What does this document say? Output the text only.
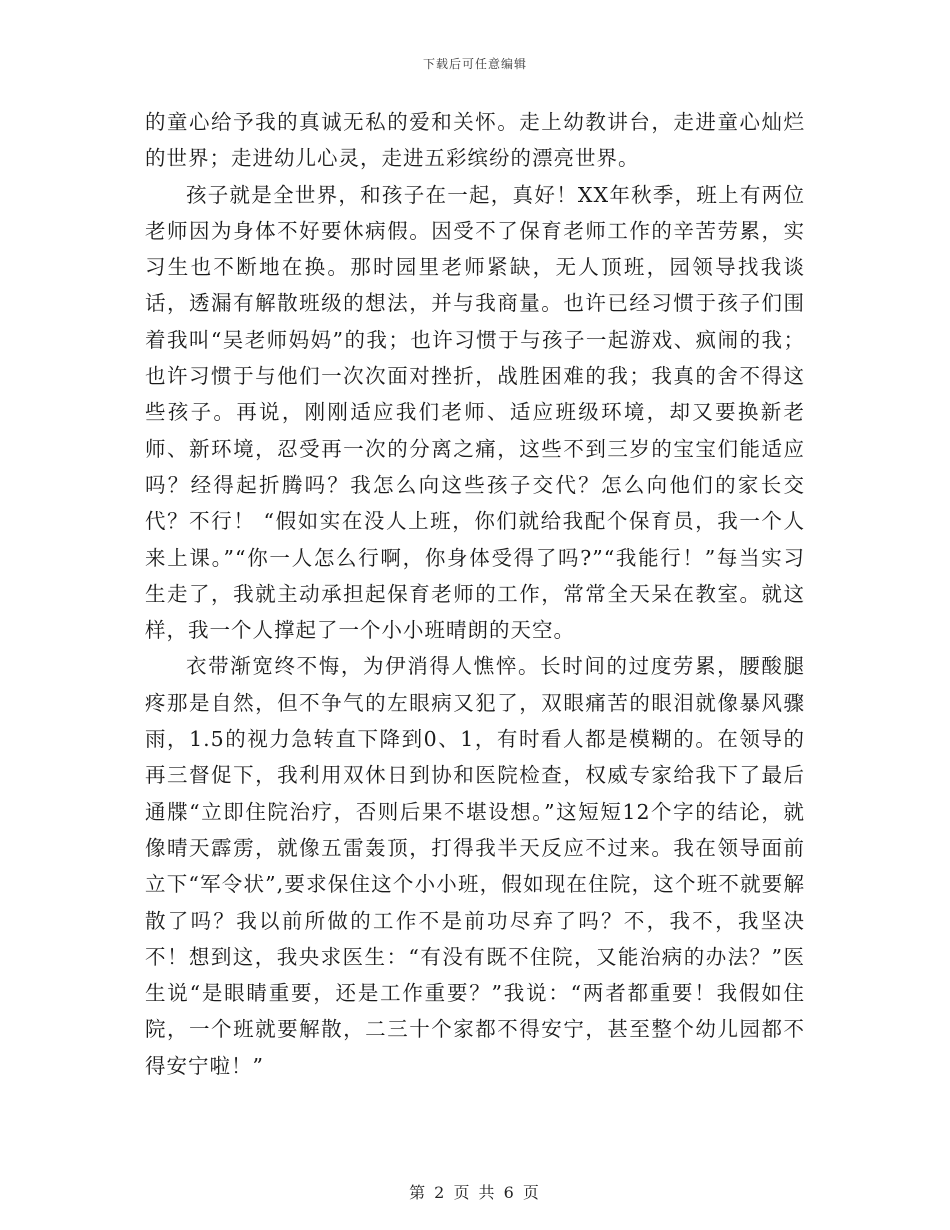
下载后可任意编辑

的童心给予我的真诚无私的爱和关怀。走上幼教讲台，走进童心灿烂的世界；走进幼儿心灵，走进五彩缤纷的漂亮世界。

孩子就是全世界，和孩子在一起，真好！XX年秋季，班上有两位老师因为身体不好要休病假。因受不了保育老师工作的辛苦劳累，实习生也不断地在换。那时园里老师紧缺，无人顶班，园领导找我谈话，透漏有解散班级的想法，并与我商量。也许已经习惯于孩子们围着我叫“吴老师妈妈”的我；也许习惯于与孩子一起游戏、疯闹的我；也许习惯于与他们一次次面对挫折，战胜困难的我；我真的舍不得这些孩子。再说，刚刚适应我们老师、适应班级环境，却又要换新老师、新环境，忍受再一次的分离之痛，这些不到三岁的宝宝们能适应吗？经得起折腾吗？我怎么向这些孩子交代？怎么向他们的家长交代？不行！ “假如实在没人上班，你们就给我配个保育员，我一个人来上课。”“你一人怎么行啊，你身体受得了吗?”“我能行！”每当实习生走了，我就主动承担起保育老师的工作，常常全天呆在教室。就这样，我一个人撑起了一个小小班晴朗的天空。

衣带渐宽终不悔，为伊消得人憔悴。长时间的过度劳累，腰酸腿疼那是自然，但不争气的左眼病又犯了，双眼痛苦的眼泪就像暴风骤雨，1.5的视力急转直下降到0、1，有时看人都是模糊的。在领导的再三督促下，我利用双休日到协和医院检查，权威专家给我下了最后通牒“立即住院治疗，否则后果不堪设想。”这短短12个字的结论，就像晴天霹雳，就像五雷轰顶，打得我半天反应不过来。我在领导面前立下“军令状”,要求保住这个小小班，假如现在住院，这个班不就要解散了吗？我以前所做的工作不是前功尽弃了吗？不，我不，我坚决不！想到这，我央求医生：“有没有既不住院，又能治病的办法？”医生说“是眼睛重要，还是工作重要？”我说：“两者都重要！我假如住院，一个班就要解散，二三十个家都不得安宁，甚至整个幼儿园都不得安宁啦！”

第 2 页 共 6 页
